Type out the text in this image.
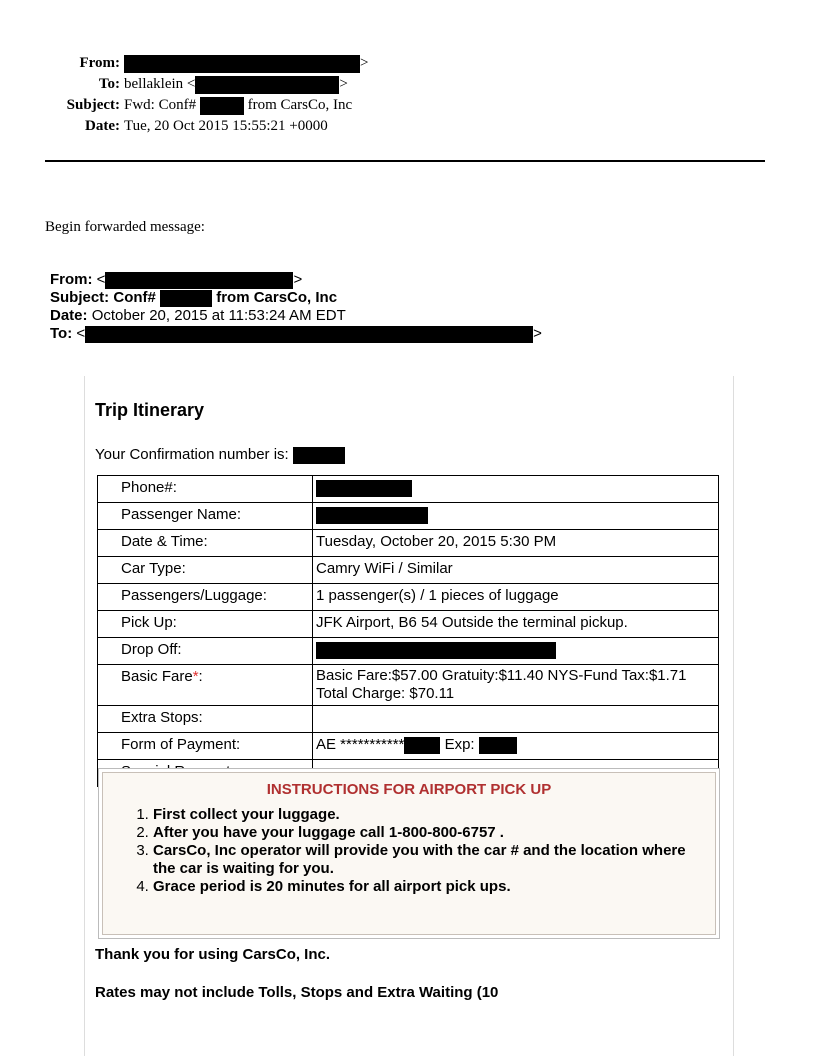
From:	>
To: bellaklein <	>
Subject: Fwd: Conf#	from CarsCo, Inc
Date: Tue, 20 Oct 2015 15:55:21 +0000
Begin forwarded message:
From: <	>
Subject: Conf#	from CarsCo, Inc
Date: October 20, 2015 at 11:53:24 AM EDT
To: <	>
Trip Itinerary
Your Confirmation number is:
Phone#:	
Passenger Name:	
Date & Time:	Tuesday, October 20, 2015 5:30 PM
Car Type:	Camry WiFi / Similar
Passengers/Luggage:	1 passenger(s) / 1 pieces of luggage
Pick Up:	JFK Airport, B6 54 Outside the terminal pickup.
Drop Off:	
Basic Fare*:	Basic Fare:$57.00 Gratuity:$11.40 NYS-Fund Tax:$1.71
Total Charge: $70.11

Extra Stops:	
Form of Payment:	AE *********** Exp:

INSTRUCTIONS FOR AIRPORT PICK UP
1. First collect your luggage.
2. After you have your luggage call 1-800-800-6757 .
3. CarsCo, Inc operator will provide you with the car # and the location where the car is waiting for you.
4. Grace period is 20 minutes for all airport pick ups.
Thank you for using CarsCo, Inc.
Rates may not include Tolls, Stops and Extra Waiting (10
